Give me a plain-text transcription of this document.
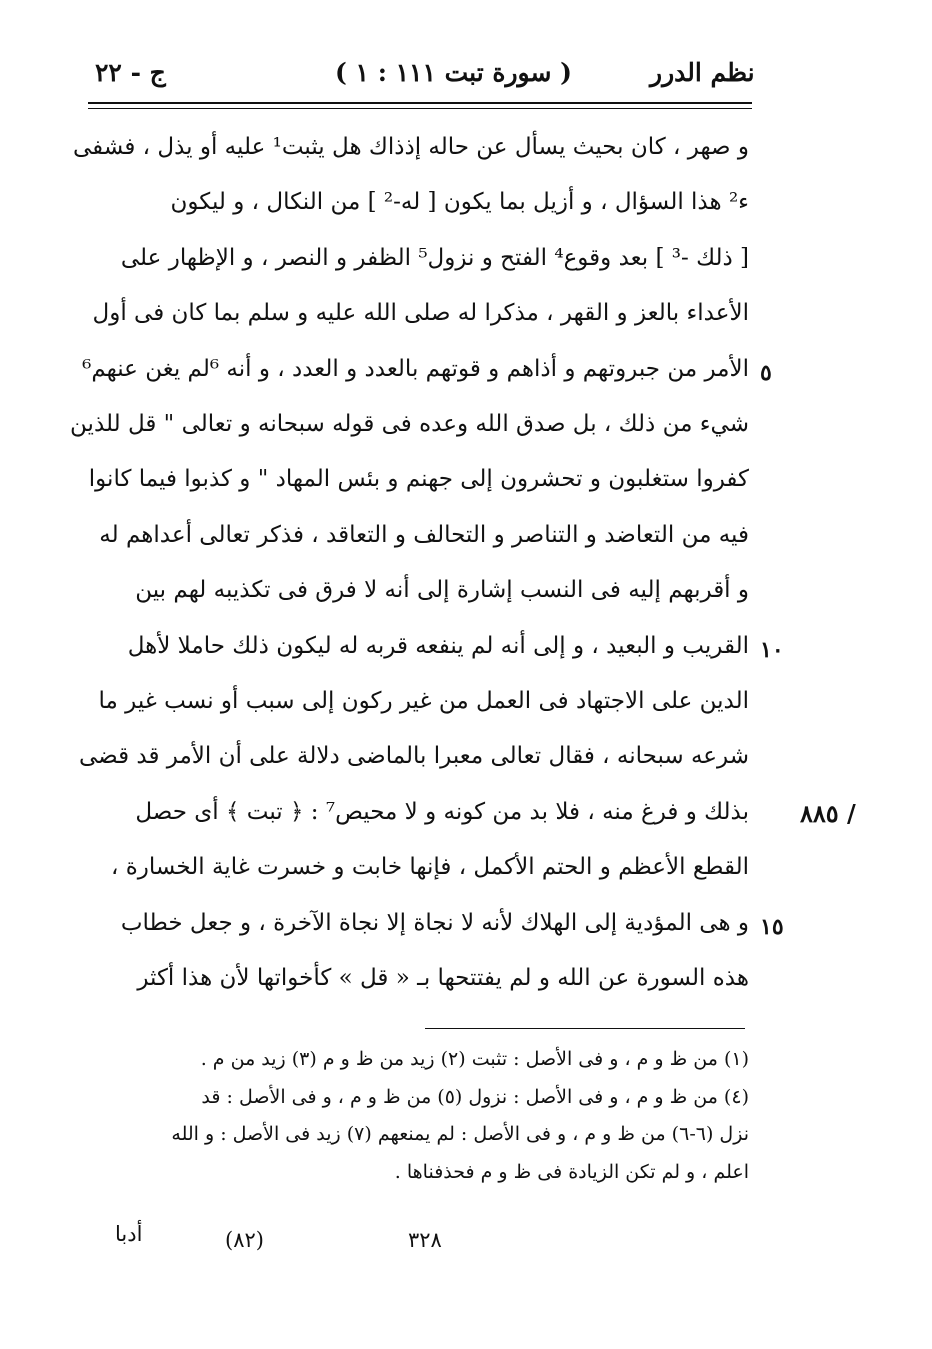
نظم الدرر
( سورة تبت ١١١ : ١ )
ج - ٢٢
و صهر ، كان بحيث يسأل عن حاله إذذاك هل يثبت¹ عليه أو يذل ، فشفى
ء² هذا السؤال ، و أزيل بما يكون [ له-² ] من النكال ، و ليكون
[ ذلك -³ ] بعد وقوع⁴ الفتح و نزول⁵ الظفر و النصر ، و الإظهار على
الأعداء بالعز و القهر ، مذكرا له صلى الله عليه و سلم بما كان فى أول
الأمر من جبروتهم و أذاهم و قوتهم بالعدد و العدد ، و أنه ⁶لم يغن عنهم⁶
شيء من ذلك ، بل صدق الله وعده فى قوله سبحانه و تعالى " قل للذين
كفروا ستغلبون و تحشرون إلى جهنم و بئس المهاد " و كذبوا فيما كانوا
فيه من التعاضد و التناصر و التحالف و التعاقد ، فذكر تعالى أعداهم له
و أقربهم إليه فى النسب إشارة إلى أنه لا فرق فى تكذيبه لهم بين
القريب و البعيد ، و إلى أنه لم ينفعه قربه له ليكون ذلك حاملا لأهل
الدين على الاجتهاد فى العمل من غير ركون إلى سبب أو نسب غير ما
شرعه سبحانه ، فقال تعالى معبرا بالماضى دلالة على أن الأمر قد قضى
بذلك و فرغ منه ، فلا بد من كونه و لا محيص⁷ : ﴿ تبت ﴾ أى حصل
القطع الأعظم و الحتم الأكمل ، فإنها خابت و خسرت غاية الخسارة ،
و هى المؤدية إلى الهلاك لأنه لا نجاة إلا نجاة الآخرة ، و جعل خطاب
هذه السورة عن الله و لم يفتتحها بـ « قل » كأخواتها لأن هذا أكثر
٥
١٠
١٥
٨٨٥ /
(١) من ظ و م ، و فى الأصل : تثبت (٢) زيد من ظ و م (٣) زيد من م .
(٤) من ظ و م ، و فى الأصل : نزول (٥) من ظ و م ، و فى الأصل : قد
نزل (٦-٦) من ظ و م ، و فى الأصل : لم يمنعهم (٧) زيد فى الأصل : و الله
اعلم ، و لم تكن الزيادة فى ظ و م فحذفناها .
٣٢٨
(٨٢)
أدبا
